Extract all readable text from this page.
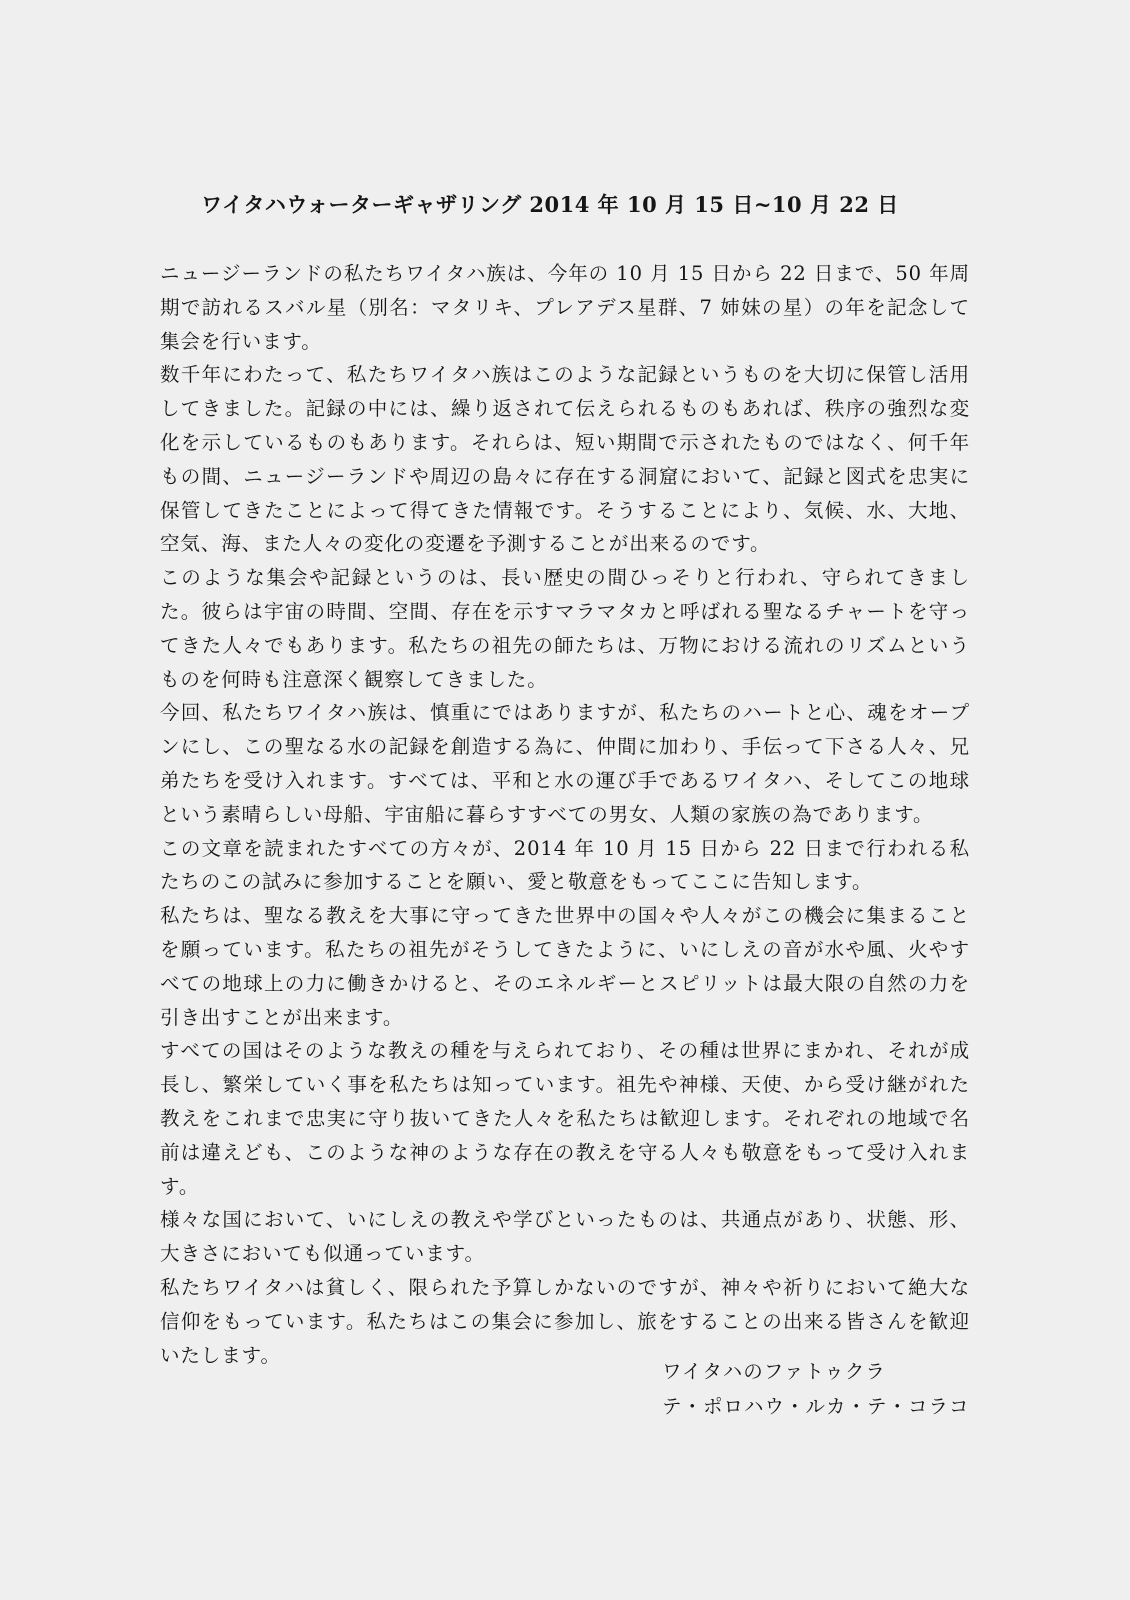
ワイタハウォーターギャザリング 2014 年 10 月 15 日~10 月 22 日

ニュージーランドの私たちワイタハ族は、今年の 10 月 15 日から 22 日まで、50 年周期で訪れるスバル星（別名：マタリキ、プレアデス星群、7 姉妹の星）の年を記念して集会を行います。

数千年にわたって、私たちワイタハ族はこのような記録というものを大切に保管し活用してきました。記録の中には、繰り返されて伝えられるものもあれば、秩序の強烈な変化を示しているものもあります。それらは、短い期間で示されたものではなく、何千年もの間、ニュージーランドや周辺の島々に存在する洞窟において、記録と図式を忠実に保管してきたことによって得てきた情報です。そうすることにより、気候、水、大地、空気、海、また人々の変化の変遷を予測することが出来るのです。

このような集会や記録というのは、長い歴史の間ひっそりと行われ、守られてきました。彼らは宇宙の時間、空間、存在を示すマラマタカと呼ばれる聖なるチャートを守ってきた人々でもあります。私たちの祖先の師たちは、万物における流れのリズムというものを何時も注意深く観察してきました。

今回、私たちワイタハ族は、慎重にではありますが、私たちのハートと心、魂をオープンにし、この聖なる水の記録を創造する為に、仲間に加わり、手伝って下さる人々、兄弟たちを受け入れます。すべては、平和と水の運び手であるワイタハ、そしてこの地球という素晴らしい母船、宇宙船に暮らすすべての男女、人類の家族の為であります。

この文章を読まれたすべての方々が、2014 年 10 月 15 日から 22 日まで行われる私たちのこの試みに参加することを願い、愛と敬意をもってここに告知します。

私たちは、聖なる教えを大事に守ってきた世界中の国々や人々がこの機会に集まることを願っています。私たちの祖先がそうしてきたように、いにしえの音が水や風、火やすべての地球上の力に働きかけると、そのエネルギーとスピリットは最大限の自然の力を引き出すことが出来ます。

すべての国はそのような教えの種を与えられており、その種は世界にまかれ、それが成長し、繁栄していく事を私たちは知っています。祖先や神様、天使、から受け継がれた教えをこれまで忠実に守り抜いてきた人々を私たちは歓迎します。それぞれの地域で名前は違えども、このような神のような存在の教えを守る人々も敬意をもって受け入れます。

様々な国において、いにしえの教えや学びといったものは、共通点があり、状態、形、大きさにおいても似通っています。

私たちワイタハは貧しく、限られた予算しかないのですが、神々や祈りにおいて絶大な信仰をもっています。私たちはこの集会に参加し、旅をすることの出来る皆さんを歓迎いたします。

ワイタハのファトゥクラ
テ・ポロハウ・ルカ・テ・コラコ
